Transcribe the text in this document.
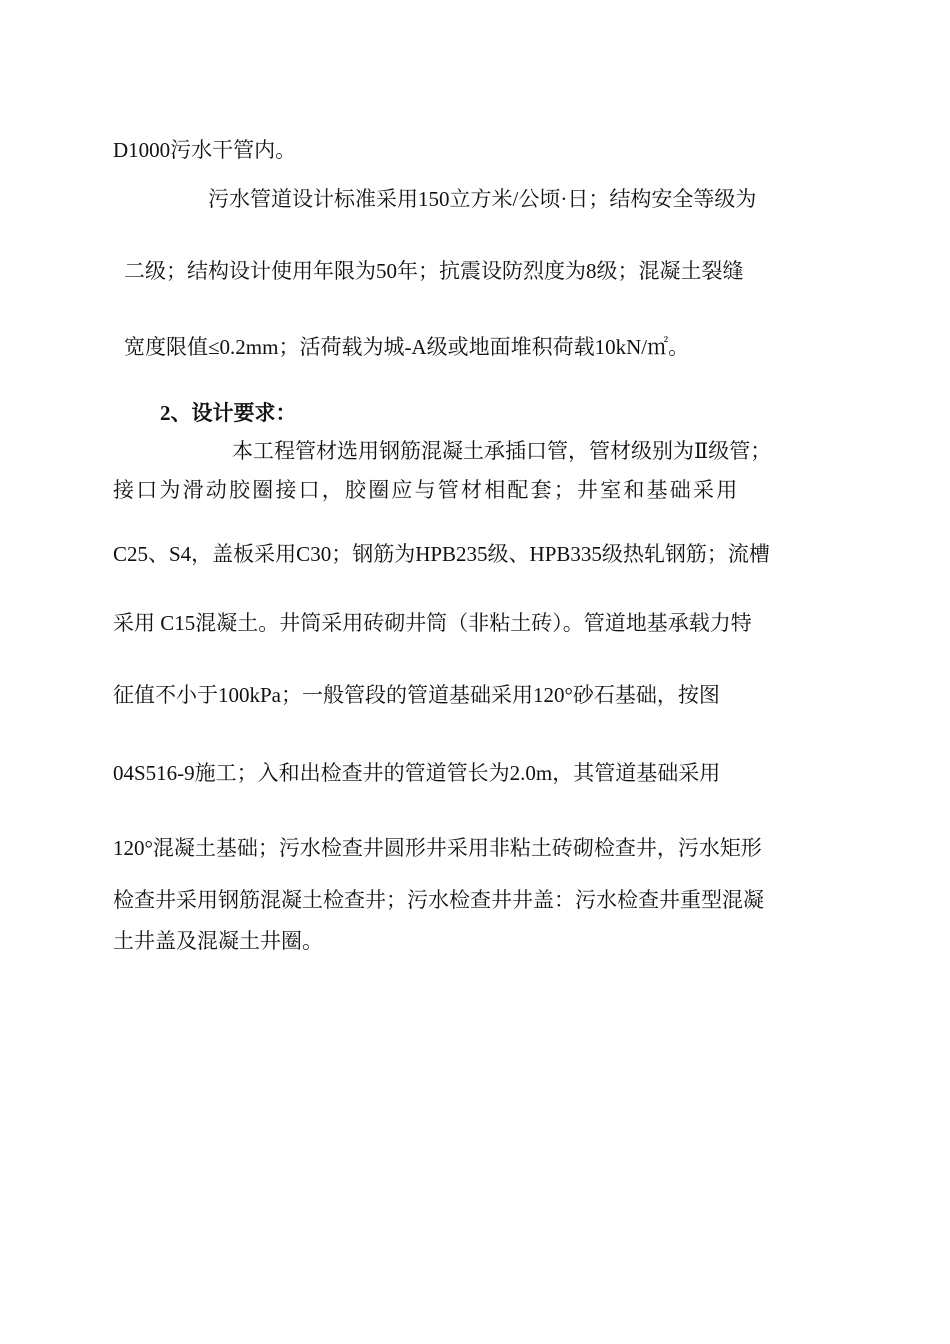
D1000污水干管内。
污水管道设计标准采用150立方米/公顷·日；结构安全等级为
二级；结构设计使用年限为50年；抗震设防烈度为8级；混凝土裂缝
宽度限值≤0.2mm；活荷载为城-A级或地面堆积荷载10kN/㎡。
2、设计要求：
本工程管材选用钢筋混凝土承插口管，管材级别为Ⅱ级管；
接口为滑动胶圈接口，胶圈应与管材相配套；井室和基础采用
C25、S4，盖板采用C30；钢筋为HPB235级、HPB335级热轧钢筋；流槽
采用 C15混凝土。井筒采用砖砌井筒（非粘土砖）。管道地基承载力特
征值不小于100kPa；一般管段的管道基础采用120°砂石基础，按图
04S516-9施工；入和出检查井的管道管长为2.0m，其管道基础采用
120°混凝土基础；污水检查井圆形井采用非粘土砖砌检查井，污水矩形
检查井采用钢筋混凝土检查井；污水检查井井盖：污水检查井重型混凝
土井盖及混凝土井圈。
